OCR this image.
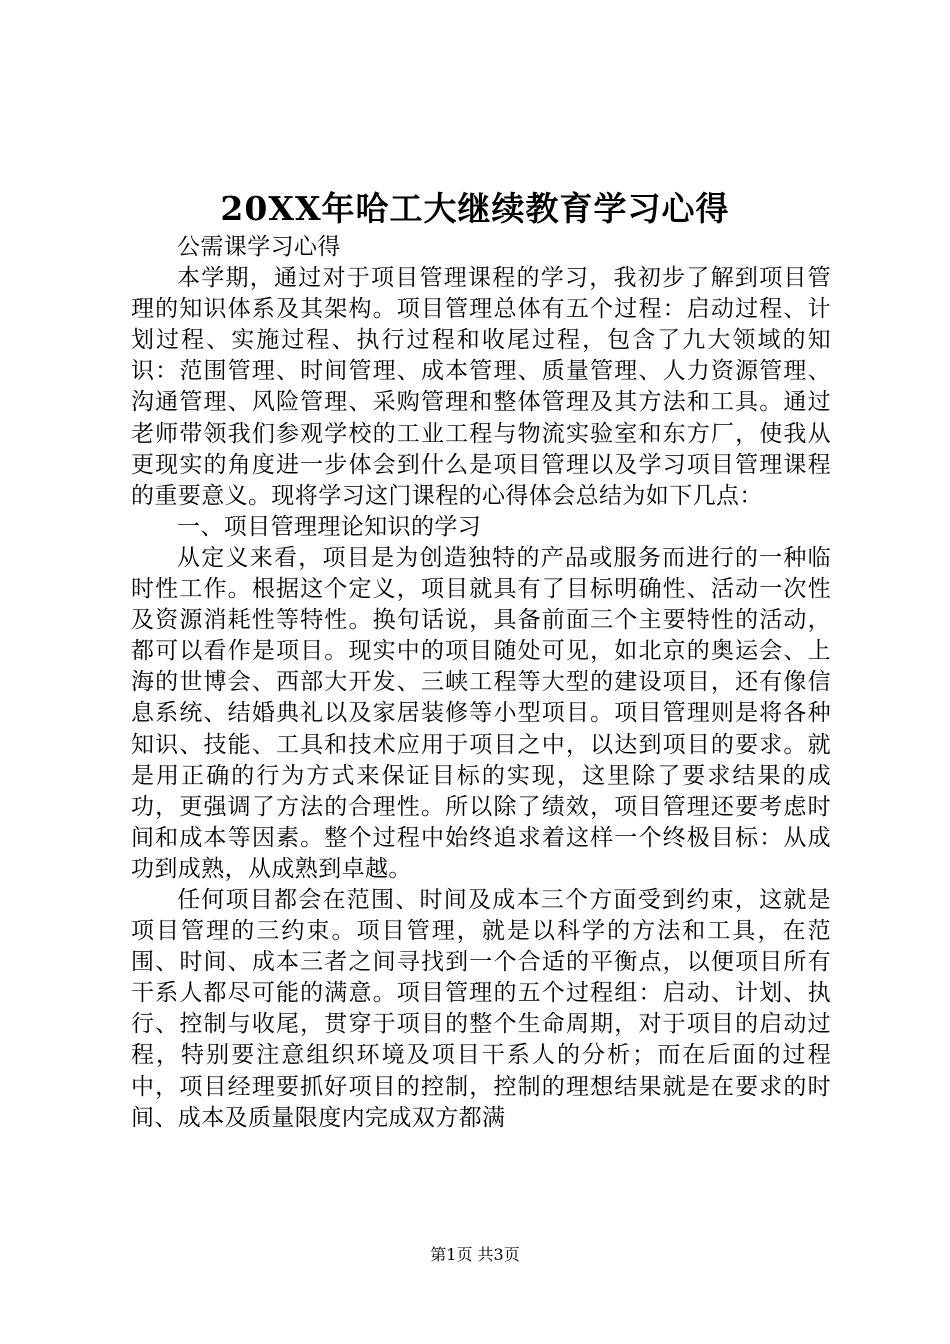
20XX年哈工大继续教育学习心得

公需课学习心得

本学期，通过对于项目管理课程的学习，我初步了解到项目管理的知识体系及其架构。项目管理总体有五个过程：启动过程、计划过程、实施过程、执行过程和收尾过程，包含了九大领域的知识：范围管理、时间管理、成本管理、质量管理、人力资源管理、沟通管理、风险管理、采购管理和整体管理及其方法和工具。通过老师带领我们参观学校的工业工程与物流实验室和东方厂，使我从更现实的角度进一步体会到什么是项目管理以及学习项目管理课程的重要意义。现将学习这门课程的心得体会总结为如下几点：

一、项目管理理论知识的学习

从定义来看，项目是为创造独特的产品或服务而进行的一种临时性工作。根据这个定义，项目就具有了目标明确性、活动一次性及资源消耗性等特性。换句话说，具备前面三个主要特性的活动，都可以看作是项目。现实中的项目随处可见，如北京的奥运会、上海的世博会、西部大开发、三峡工程等大型的建设项目，还有像信息系统、结婚典礼以及家居装修等小型项目。项目管理则是将各种知识、技能、工具和技术应用于项目之中，以达到项目的要求。就是用正确的行为方式来保证目标的实现，这里除了要求结果的成功，更强调了方法的合理性。所以除了绩效，项目管理还要考虑时间和成本等因素。整个过程中始终追求着这样一个终极目标：从成功到成熟，从成熟到卓越。

任何项目都会在范围、时间及成本三个方面受到约束，这就是项目管理的三约束。项目管理，就是以科学的方法和工具，在范围、时间、成本三者之间寻找到一个合适的平衡点，以便项目所有干系人都尽可能的满意。项目管理的五个过程组：启动、计划、执行、控制与收尾，贯穿于项目的整个生命周期，对于项目的启动过程，特别要注意组织环境及项目干系人的分析；而在后面的过程中，项目经理要抓好项目的控制，控制的理想结果就是在要求的时间、成本及质量限度内完成双方都满

第1页 共3页
